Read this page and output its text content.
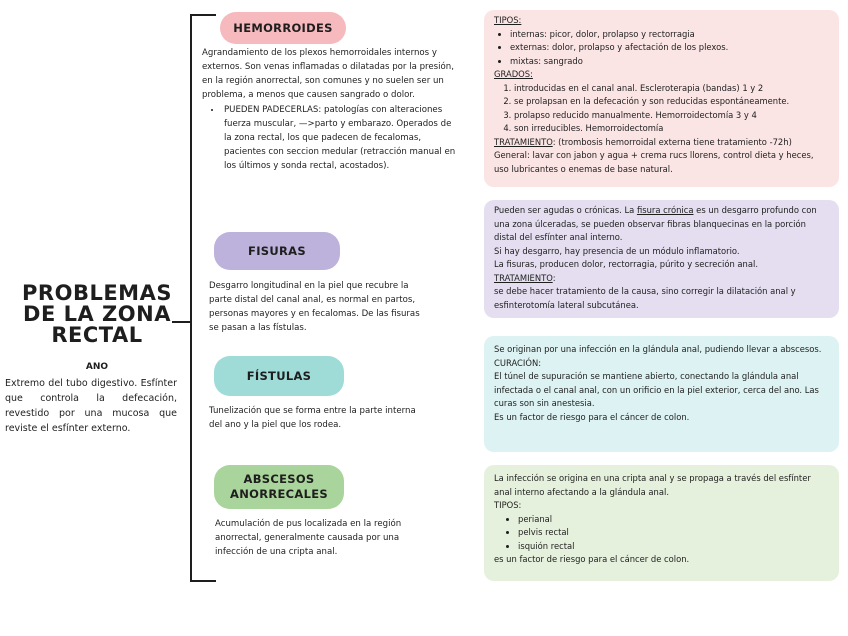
PROBLEMAS DE LA ZONA RECTAL
ANO
Extremo del tubo digestivo. Esfínter que controla la defecación, revestido por una mucosa que reviste el esfínter externo.
HEMORROIDES
Agrandamiento de los plexos hemorroidales internos y externos. Son venas inflamadas o dilatadas por la presión, en la región anorrectal, son comunes y no suelen ser un problema, a menos que causen sangrado o dolor.
• PUEDEN PADECERLAS: patologías con alteraciones fuerza muscular, —>parto y embarazo. Operados de la zona rectal, los que padecen de fecalomas, pacientes con seccion medular (retracción manual en los últimos y sonda rectal, acostados).
TIPOS:
• internas: picor, dolor, prolapso y rectorragia
• externas: dolor, prolapso y afectación de los plexos.
• mixtas: sangrado
GRADOS:
1. introducidas en el canal anal. Escleroterapia (bandas) 1 y 2
2. se prolapsan en la defecación y son reducidas espontáneamente.
3. prolapso reducido manualmente. Hemorroidectomía 3 y 4
4. son irreducibles. Hemorroidectomía
TRATAMIENTO: (trombosis hemorroidal externa tiene tratamiento -72h)
General: lavar con jabon y agua + crema rucs llorens, control dieta y heces, uso lubricantes o enemas de base natural.
FISURAS
Desgarro longitudinal en la piel que recubre la parte distal del canal anal, es normal en partos, personas mayores y en fecalomas. De las fisuras se pasan a las fístulas.
Pueden ser agudas o crónicas. La fisura crónica es un desgarro profundo con una zona úlceradas, se pueden observar fibras blanquecinas en la porción distal del esfínter anal interno.
Si hay desgarro, hay presencia de un módulo inflamatorio.
La fisuras, producen dolor, rectorragia, púrito y secreción anal.
TRATAMIENTO:
se debe hacer tratamiento de la causa, sino corregir la dilatación anal y esfinterotomía lateral subcutánea.
FÍSTULAS
Tunelización que se forma entre la parte interna del ano y la piel que los rodea.
Se originan por una infección en la glándula anal, pudiendo llevar a abscesos.
CURACIÓN:
El túnel de supuración se mantiene abierto, conectando la glándula anal infectada o el canal anal, con un orificio en la piel exterior, cerca del ano. Las curas son sin anestesia.
Es un factor de riesgo para el cáncer de colon.
ABSCESOS
ANORRECALES
Acumulación de pus localizada en la región anorrectal, generalmente causada por una infección de una cripta anal.
La infección se origina en una cripta anal y se propaga a través del esfínter anal interno afectando a la glándula anal.
TIPOS:
• perianal
• pelvis rectal
• isquión rectal
es un factor de riesgo para el cáncer de colon.
